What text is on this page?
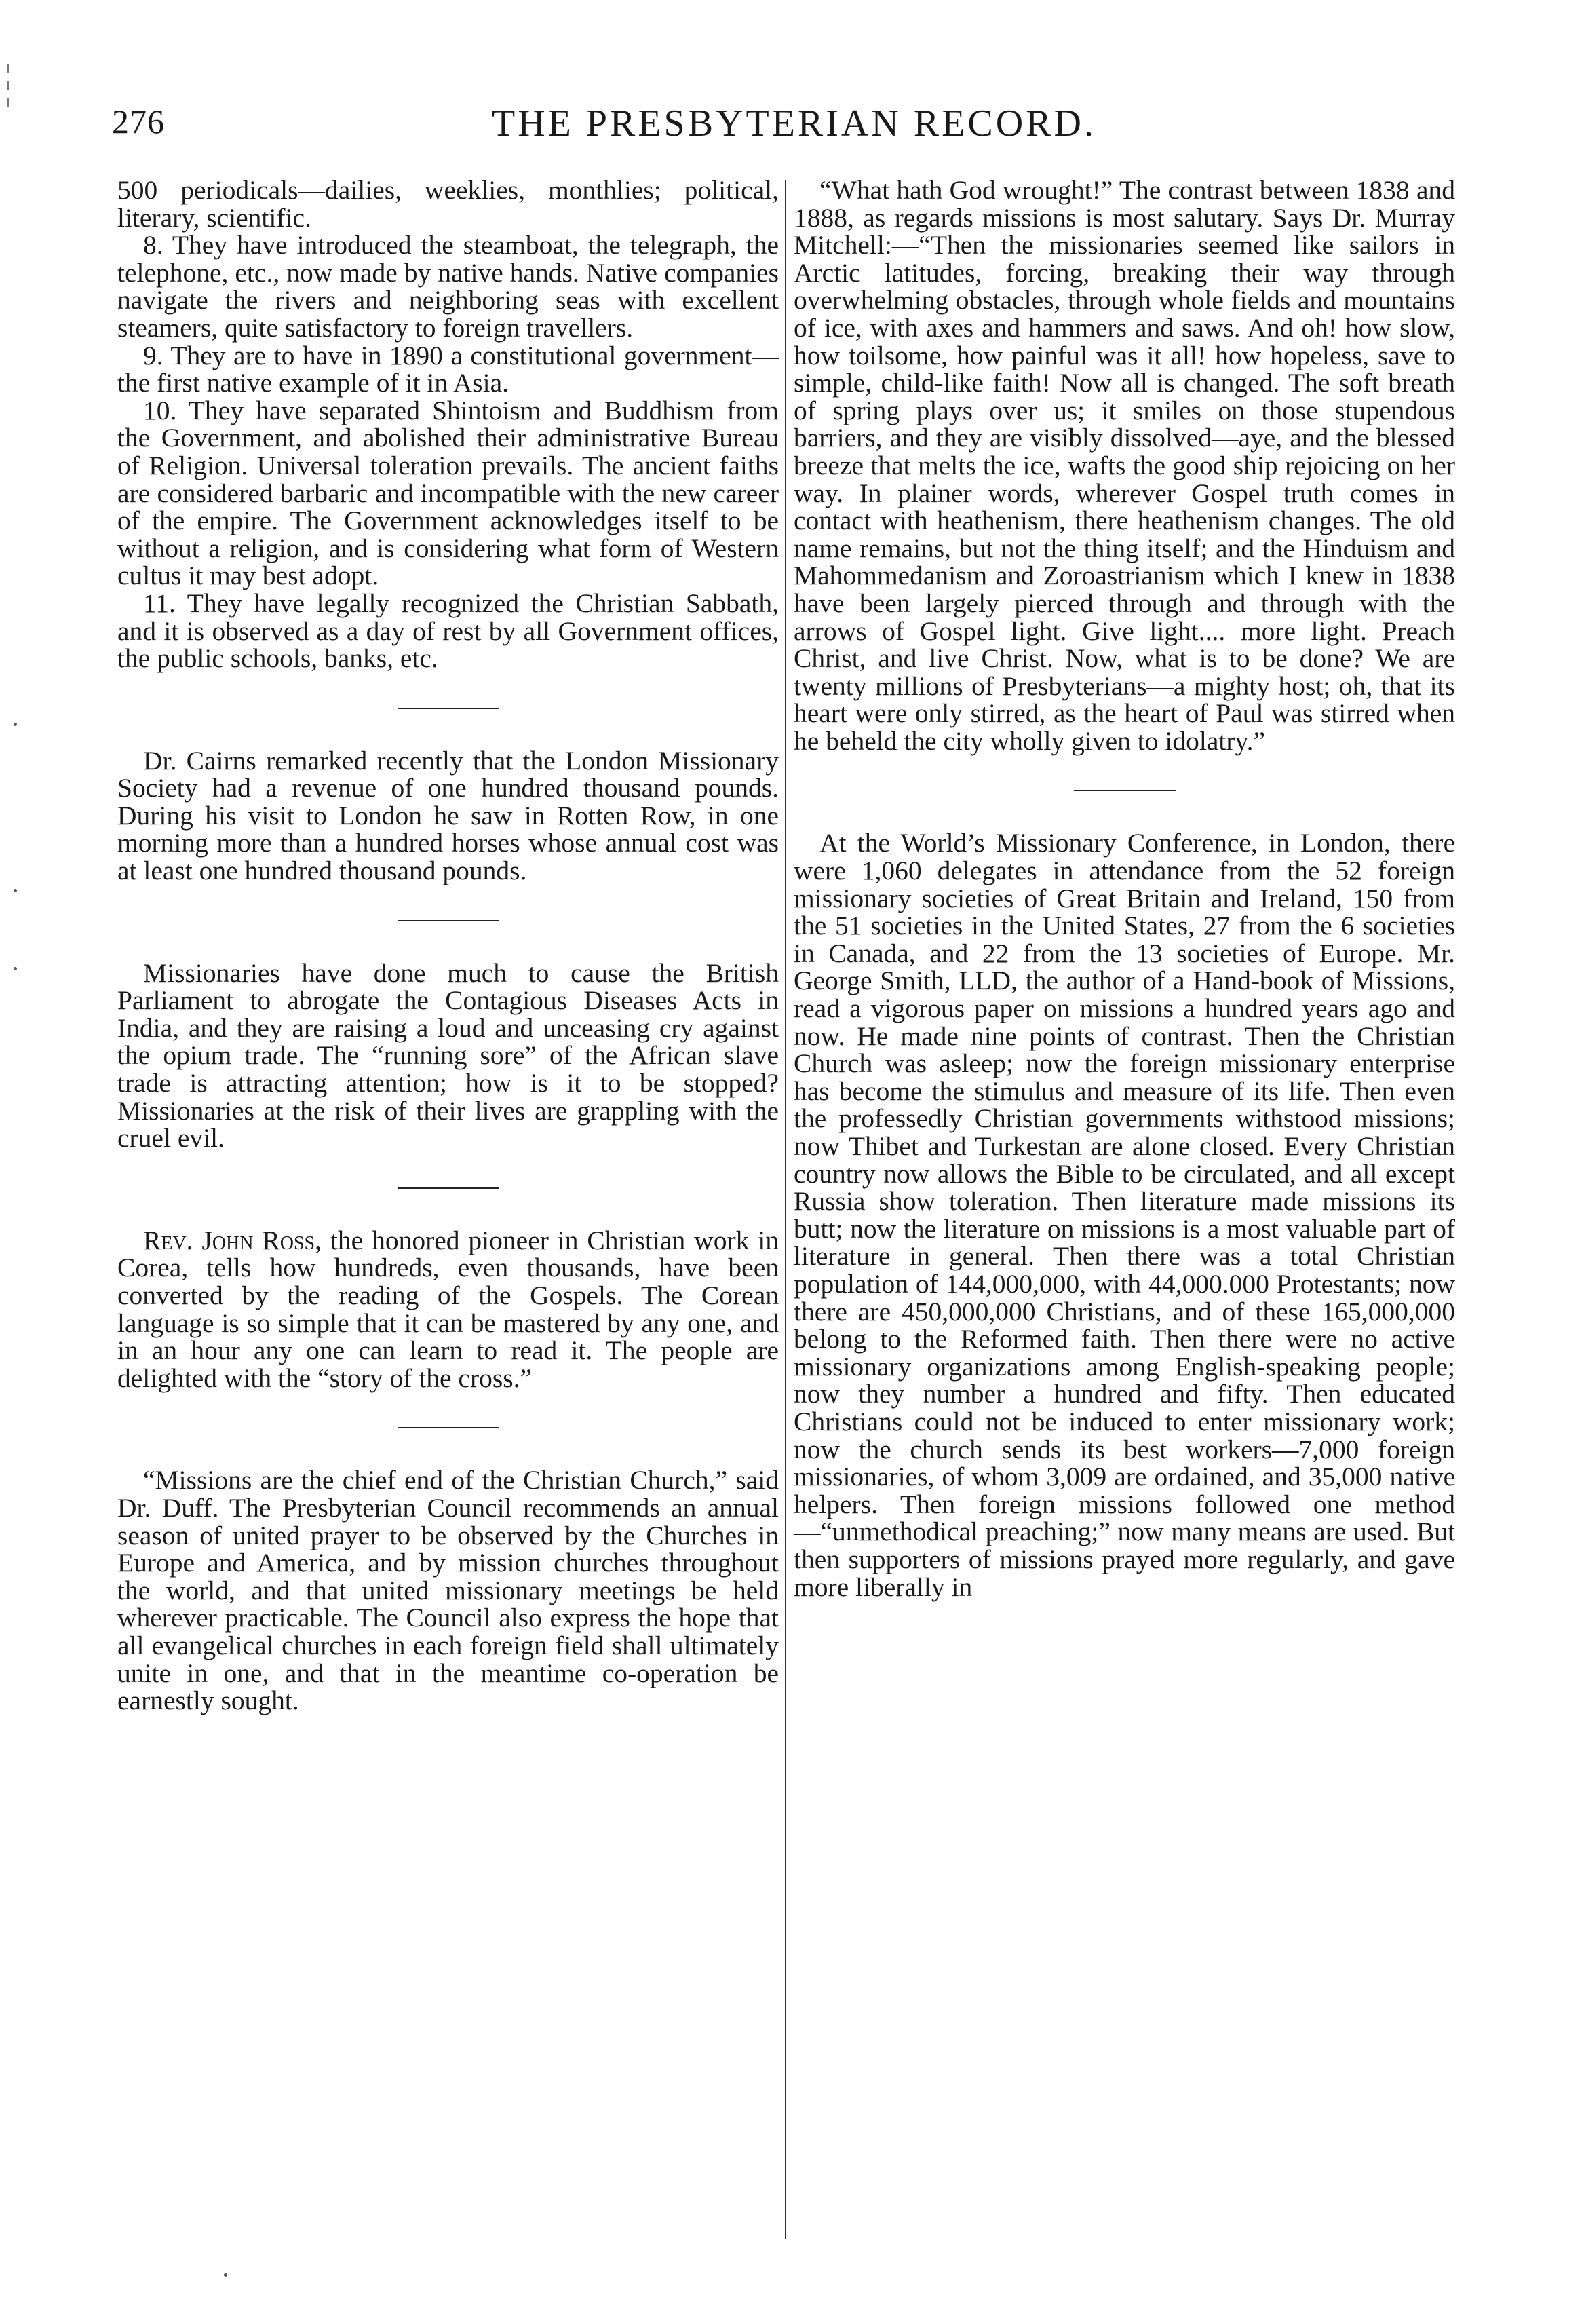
276	THE PRESBYTERIAN RECORD.

500 periodicals—dailies, weeklies, monthlies; political, literary, scientific.

8. They have introduced the steamboat, the telegraph, the telephone, etc., now made by native hands. Native companies navigate the rivers and neighboring seas with excellent steamers, quite satisfactory to foreign travellers.

9. They are to have in 1890 a constitutional government—the first native example of it in Asia.

10. They have separated Shintoism and Buddhism from the Government, and abolished their administrative Bureau of Religion. Universal toleration prevails. The ancient faiths are considered barbaric and incompatible with the new career of the empire. The Government acknowledges itself to be without a religion, and is considering what form of Western cultus it may best adopt.

11. They have legally recognized the Christian Sabbath, and it is observed as a day of rest by all Government offices, the public schools, banks, etc.

Dr. Cairns remarked recently that the London Missionary Society had a revenue of one hundred thousand pounds. During his visit to London he saw in Rotten Row, in one morning more than a hundred horses whose annual cost was at least one hundred thousand pounds.

Missionaries have done much to cause the British Parliament to abrogate the Contagious Diseases Acts in India, and they are raising a loud and unceasing cry against the opium trade. The “running sore” of the African slave trade is attracting attention; how is it to be stopped? Missionaries at the risk of their lives are grappling with the cruel evil.

Rev. John Ross, the honored pioneer in Christian work in Corea, tells how hundreds, even thousands, have been converted by the reading of the Gospels. The Corean language is so simple that it can be mastered by any one, and in an hour any one can learn to read it. The people are delighted with the “story of the cross.”

“Missions are the chief end of the Christian Church,” said Dr. Duff. The Presbyterian Council recommends an annual season of united prayer to be observed by the Churches in Europe and America, and by mission churches throughout the world, and that united missionary meetings be held wherever practicable. The Council also express the hope that all evangelical churches in each foreign field shall ultimately unite in one, and that in the meantime co-operation be earnestly sought.

“What hath God wrought!” The contrast between 1838 and 1888, as regards missions is most salutary. Says Dr. Murray Mitchell:—“Then the missionaries seemed like sailors in Arctic latitudes, forcing, breaking their way through overwhelming obstacles, through whole fields and mountains of ice, with axes and hammers and saws. And oh! how slow, how toilsome, how painful was it all! how hopeless, save to simple, child-like faith! Now all is changed. The soft breath of spring plays over us; it smiles on those stupendous barriers, and they are visibly dissolved—aye, and the blessed breeze that melts the ice, wafts the good ship rejoicing on her way. In plainer words, wherever Gospel truth comes in contact with heathenism, there heathenism changes. The old name remains, but not the thing itself; and the Hinduism and Mahommedanism and Zoroastrianism which I knew in 1838 have been largely pierced through and through with the arrows of Gospel light. Give light.... more light. Preach Christ, and live Christ. Now, what is to be done? We are twenty millions of Presbyterians—a mighty host; oh, that its heart were only stirred, as the heart of Paul was stirred when he beheld the city wholly given to idolatry.”

At the World’s Missionary Conference, in London, there were 1,060 delegates in attendance from the 52 foreign missionary societies of Great Britain and Ireland, 150 from the 51 societies in the United States, 27 from the 6 societies in Canada, and 22 from the 13 societies of Europe. Mr. George Smith, LLD, the author of a Hand-book of Missions, read a vigorous paper on missions a hundred years ago and now. He made nine points of contrast. Then the Christian Church was asleep; now the foreign missionary enterprise has become the stimulus and measure of its life. Then even the professedly Christian governments withstood missions; now Thibet and Turkestan are alone closed. Every Christian country now allows the Bible to be circulated, and all except Russia show toleration. Then literature made missions its butt; now the literature on missions is a most valuable part of literature in general. Then there was a total Christian population of 144,000,000, with 44,000.000 Protestants; now there are 450,000,000 Christians, and of these 165,000,000 belong to the Reformed faith. Then there were no active missionary organizations among English-speaking people; now they number a hundred and fifty. Then educated Christians could not be induced to enter missionary work; now the church sends its best workers—7,000 foreign missionaries, of whom 3,009 are ordained, and 35,000 native helpers. Then foreign missions followed one method—“unmethodical preaching;” now many means are used. But then supporters of missions prayed more regularly, and gave more liberally in
